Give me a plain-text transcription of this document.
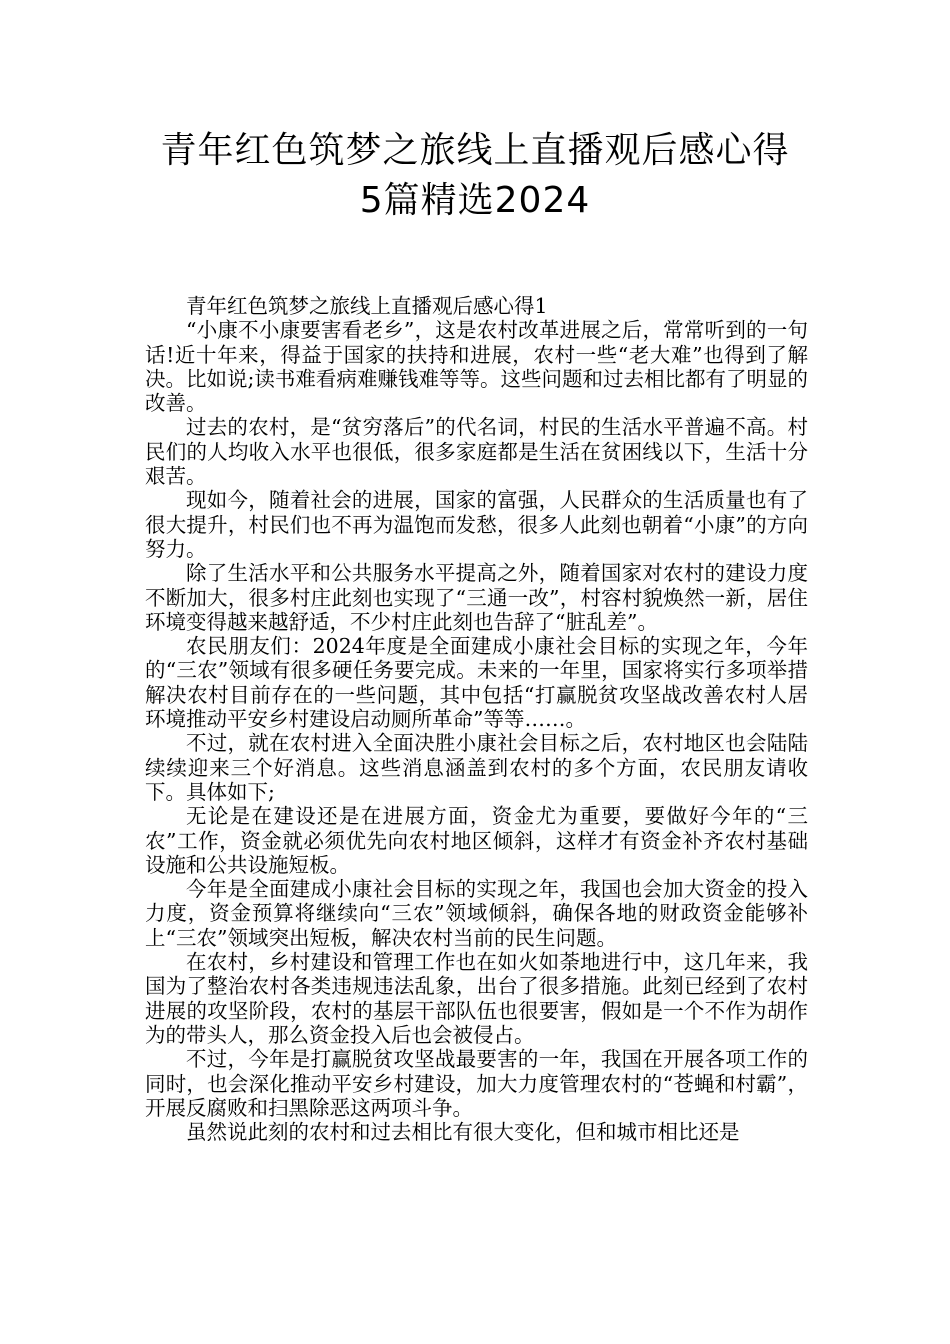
青年红色筑梦之旅线上直播观后感心得
5篇精选2024

青年红色筑梦之旅线上直播观后感心得1

“小康不小康要害看老乡”，这是农村改革进展之后，常常听到的一句话!近十年来，得益于国家的扶持和进展，农村一些“老大难”也得到了解决。比如说;读书难看病难赚钱难等等。这些问题和过去相比都有了明显的改善。

过去的农村，是“贫穷落后”的代名词，村民的生活水平普遍不高。村民们的人均收入水平也很低，很多家庭都是生活在贫困线以下，生活十分艰苦。

现如今，随着社会的进展，国家的富强，人民群众的生活质量也有了很大提升，村民们也不再为温饱而发愁，很多人此刻也朝着“小康”的方向努力。

除了生活水平和公共服务水平提高之外，随着国家对农村的建设力度不断加大，很多村庄此刻也实现了“三通一改”，村容村貌焕然一新，居住环境变得越来越舒适，不少村庄此刻也告辞了“脏乱差”。

农民朋友们：2024年度是全面建成小康社会目标的实现之年，今年的“三农”领域有很多硬任务要完成。未来的一年里，国家将实行多项举措解决农村目前存在的一些问题，其中包括“打赢脱贫攻坚战改善农村人居环境推动平安乡村建设启动厕所革命”等等……。

不过，就在农村进入全面决胜小康社会目标之后，农村地区也会陆陆续续迎来三个好消息。这些消息涵盖到农村的多个方面，农民朋友请收下。具体如下;

无论是在建设还是在进展方面，资金尤为重要，要做好今年的“三农”工作，资金就必须优先向农村地区倾斜，这样才有资金补齐农村基础设施和公共设施短板。

今年是全面建成小康社会目标的实现之年，我国也会加大资金的投入力度，资金预算将继续向“三农”领域倾斜，确保各地的财政资金能够补上“三农”领域突出短板，解决农村当前的民生问题。

在农村，乡村建设和管理工作也在如火如荼地进行中，这几年来，我国为了整治农村各类违规违法乱象，出台了很多措施。此刻已经到了农村进展的攻坚阶段，农村的基层干部队伍也很要害，假如是一个不作为胡作为的带头人，那么资金投入后也会被侵占。

不过，今年是打赢脱贫攻坚战最要害的一年，我国在开展各项工作的同时，也会深化推动平安乡村建设，加大力度管理农村的“苍蝇和村霸”，开展反腐败和扫黑除恶这两项斗争。

虽然说此刻的农村和过去相比有很大变化，但和城市相比还是
